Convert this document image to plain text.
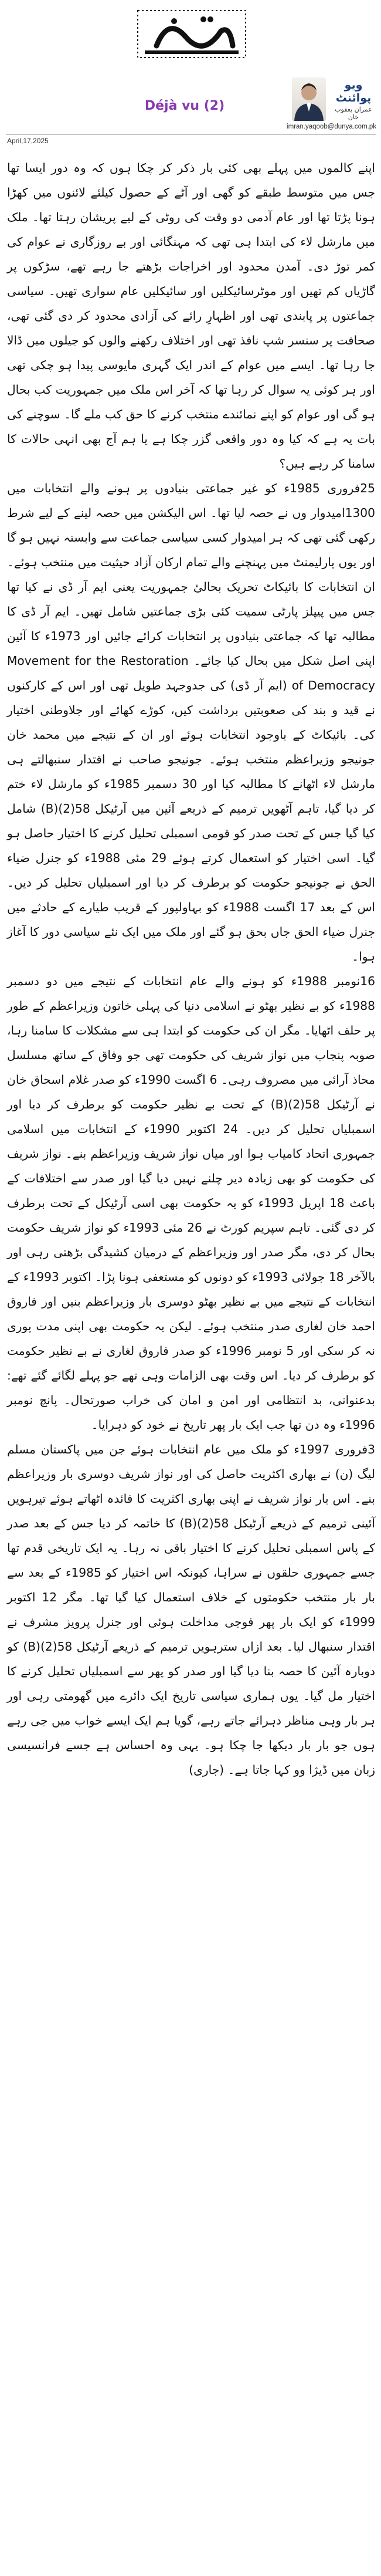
دنیا
ویو پوائنٹ
عمران یعقوب خان
Déjà vu (2)
imran.yaqoob@dunya.com.pk
April,17,2025

اپنے کالموں میں پہلے بھی کئی بار ذکر کر چکا ہوں کہ وہ دور ایسا تھا جس میں متوسط طبقے کو گھی اور آٹے کے حصول کیلئے لائنوں میں کھڑا ہونا پڑتا تھا اور عام آدمی دو وقت کی روٹی کے لیے پریشان رہتا تھا۔ ملک میں مارشل لاء کی ابتدا ہی تھی کہ مہنگائی اور بے روزگاری نے عوام کی کمر توڑ دی۔ آمدن محدود اور اخراجات بڑھتے جا رہے تھے، سڑکوں پر گاڑیاں کم تھیں اور موٹرسائیکلیں اور سائیکلیں عام سواری تھیں۔ سیاسی جماعتوں پر پابندی تھی اور اظہارِ رائے کی آزادی محدود کر دی گئی تھی، صحافت پر سنسر شپ نافذ تھی اور اختلاف رکھنے والوں کو جیلوں میں ڈالا جا رہا تھا۔ ایسے میں عوام کے اندر ایک گہری مایوسی پیدا ہو چکی تھی اور ہر کوئی یہ سوال کر رہا تھا کہ آخر اس ملک میں جمہوریت کب بحال ہو گی اور عوام کو اپنے نمائندے منتخب کرنے کا حق کب ملے گا۔ سوچنے کی بات یہ ہے کہ کیا وہ دور واقعی گزر چکا ہے یا ہم آج بھی انہی حالات کا سامنا کر رہے ہیں؟

25فروری 1985ء کو غیر جماعتی بنیادوں پر ہونے والے انتخابات میں 1300امیدوار وں نے حصہ لیا تھا۔ اس الیکشن میں حصہ لینے کے لیے شرط رکھی گئی تھی کہ ہر امیدوار کسی سیاسی جماعت سے وابستہ نہیں ہو گا اور یوں پارلیمنٹ میں پہنچنے والے تمام ارکان آزاد حیثیت میں منتخب ہوئے۔ ان انتخابات کا بائیکاٹ تحریک بحالیٔ جمہوریت یعنی ایم آر ڈی نے کیا تھا جس میں پیپلز پارٹی سمیت کئی بڑی جماعتیں شامل تھیں۔ ایم آر ڈی کا مطالبہ تھا کہ جماعتی بنیادوں پر انتخابات کرائے جائیں اور 1973ء کا آئین اپنی اصل شکل میں بحال کیا جائے۔ Movement for the Restoration of Democracy (ایم آر ڈی) کی جدوجہد طویل تھی اور اس کے کارکنوں نے قید و بند کی صعوبتیں برداشت کیں، کوڑے کھائے اور جلاوطنی اختیار کی۔ بائیکاٹ کے باوجود انتخابات ہوئے اور ان کے نتیجے میں محمد خان جونیجو وزیراعظم منتخب ہوئے۔ جونیجو صاحب نے اقتدار سنبھالتے ہی مارشل لاء اٹھانے کا مطالبہ کیا اور 30 دسمبر 1985ء کو مارشل لاء ختم کر دیا گیا، تاہم آٹھویں ترمیم کے ذریعے آئین میں آرٹیکل 58(2)(B) شامل کیا گیا جس کے تحت صدر کو قومی اسمبلی تحلیل کرنے کا اختیار حاصل ہو گیا۔ اسی اختیار کو استعمال کرتے ہوئے 29 مئی 1988ء کو جنرل ضیاء الحق نے جونیجو حکومت کو برطرف کر دیا اور اسمبلیاں تحلیل کر دیں۔ اس کے بعد 17 اگست 1988ء کو بہاولپور کے قریب طیارے کے حادثے میں جنرل ضیاء الحق جاں بحق ہو گئے اور ملک میں ایک نئے سیاسی دور کا آغاز ہوا۔

16نومبر 1988ء کو ہونے والے عام انتخابات کے نتیجے میں دو دسمبر 1988ء کو بے نظیر بھٹو نے اسلامی دنیا کی پہلی خاتون وزیراعظم کے طور پر حلف اٹھایا۔ مگر ان کی حکومت کو ابتدا ہی سے مشکلات کا سامنا رہا، صوبہ پنجاب میں نواز شریف کی حکومت تھی جو وفاق کے ساتھ مسلسل محاذ آرائی میں مصروف رہی۔ 6 اگست 1990ء کو صدر غلام اسحاق خان نے آرٹیکل 58(2)(B) کے تحت بے نظیر حکومت کو برطرف کر دیا اور اسمبلیاں تحلیل کر دیں۔ 24 اکتوبر 1990ء کے انتخابات میں اسلامی جمہوری اتحاد کامیاب ہوا اور میاں نواز شریف وزیراعظم بنے۔ نواز شریف کی حکومت کو بھی زیادہ دیر چلنے نہیں دیا گیا اور صدر سے اختلافات کے باعث 18 اپریل 1993ء کو یہ حکومت بھی اسی آرٹیکل کے تحت برطرف کر دی گئی۔ تاہم سپریم کورٹ نے 26 مئی 1993ء کو نواز شریف حکومت بحال کر دی، مگر صدر اور وزیراعظم کے درمیان کشیدگی بڑھتی رہی اور بالآخر 18 جولائی 1993ء کو دونوں کو مستعفی ہونا پڑا۔ اکتوبر 1993ء کے انتخابات کے نتیجے میں بے نظیر بھٹو دوسری بار وزیراعظم بنیں اور فاروق احمد خان لغاری صدر منتخب ہوئے۔ لیکن یہ حکومت بھی اپنی مدت پوری نہ کر سکی اور 5 نومبر 1996ء کو صدر فاروق لغاری نے بے نظیر حکومت کو برطرف کر دیا۔ اس وقت بھی الزامات وہی تھے جو پہلے لگائے گئے تھے: بدعنوانی، بد انتظامی اور امن و امان کی خراب صورتحال۔ پانچ نومبر 1996ء وہ دن تھا جب ایک بار پھر تاریخ نے خود کو دہرایا۔

3فروری 1997ء کو ملک میں عام انتخابات ہوئے جن میں پاکستان مسلم لیگ (ن) نے بھاری اکثریت حاصل کی اور نواز شریف دوسری بار وزیراعظم بنے۔ اس بار نواز شریف نے اپنی بھاری اکثریت کا فائدہ اٹھاتے ہوئے تیرہویں آئینی ترمیم کے ذریعے آرٹیکل 58(2)(B) کا خاتمہ کر دیا جس کے بعد صدر کے پاس اسمبلی تحلیل کرنے کا اختیار باقی نہ رہا۔ یہ ایک تاریخی قدم تھا جسے جمہوری حلقوں نے سراہا، کیونکہ اس اختیار کو 1985ء کے بعد سے بار بار منتخب حکومتوں کے خلاف استعمال کیا گیا تھا۔ مگر 12 اکتوبر 1999ء کو ایک بار پھر فوجی مداخلت ہوئی اور جنرل پرویز مشرف نے اقتدار سنبھال لیا۔ بعد ازاں سترہویں ترمیم کے ذریعے آرٹیکل 58(2)(B) کو دوبارہ آئین کا حصہ بنا دیا گیا اور صدر کو پھر سے اسمبلیاں تحلیل کرنے کا اختیار مل گیا۔ یوں ہماری سیاسی تاریخ ایک دائرے میں گھومتی رہی اور ہر بار وہی مناظر دہرائے جاتے رہے، گویا ہم ایک ایسے خواب میں جی رہے ہوں جو بار بار دیکھا جا چکا ہو۔ یہی وہ احساس ہے جسے فرانسیسی زبان میں ڈیژا وو کہا جاتا ہے۔ (جاری)
